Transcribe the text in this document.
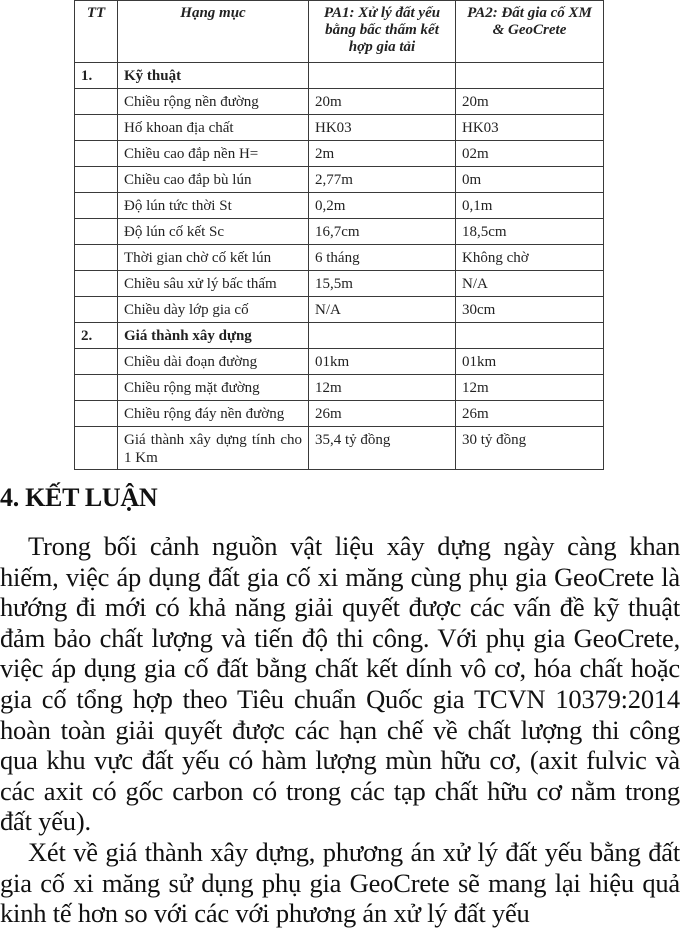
TT	Hạng mục	PA1: Xử lý đất yếu bằng bấc thấm kết hợp gia tải	PA2: Đất gia cố XM & GeoCrete
1.	Kỹ thuật		
	Chiều rộng nền đường	20m	20m
	Hố khoan địa chất	HK03	HK03
	Chiều cao đắp nền H=	2m	02m
	Chiều cao đắp bù lún	2,77m	0m
	Độ lún tức thời St	0,2m	0,1m
	Độ lún cố kết Sc	16,7cm	18,5cm
	Thời gian chờ cố kết lún	6 tháng	Không chờ
	Chiều sâu xử lý bấc thấm	15,5m	N/A
	Chiều dày lớp gia cố	N/A	30cm
2.	Giá thành xây dựng		
	Chiều dài đoạn đường	01km	01km
	Chiều rộng mặt đường	12m	12m
	Chiều rộng đáy nền đường	26m	26m
	Giá thành xây dựng tính cho 1 Km	35,4 tỷ đồng	30 tỷ đồng
4. KẾT LUẬN

Trong bối cảnh nguồn vật liệu xây dựng ngày càng khan hiếm, việc áp dụng đất gia cố xi măng cùng phụ gia GeoCrete là hướng đi mới có khả năng giải quyết được các vấn đề kỹ thuật đảm bảo chất lượng và tiến độ thi công. Với phụ gia GeoCrete, việc áp dụng gia cố đất bằng chất kết dính vô cơ, hóa chất hoặc gia cố tổng hợp theo Tiêu chuẩn Quốc gia TCVN 10379:2014 hoàn toàn giải quyết được các hạn chế về chất lượng thi công qua khu vực đất yếu có hàm lượng mùn hữu cơ, (axit fulvic và các axit có gốc carbon có trong các tạp chất hữu cơ nằm trong đất yếu).

Xét về giá thành xây dựng, phương án xử lý đất yếu bằng đất gia cố xi măng sử dụng phụ gia GeoCrete sẽ mang lại hiệu quả kinh tế hơn so với các với phương án xử lý đất yếu
